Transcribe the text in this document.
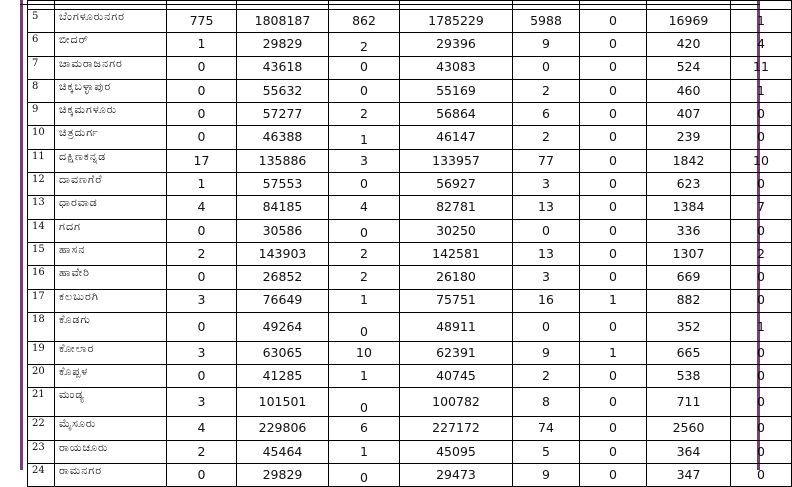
5	ಬೆಂಗಳೂರುನಗರ	775	1808187	862	1785229	5988	0	16969	1
6	ಬೀದರ್	1	29829	2	29396	9	0	420	4
7	ಚಾಮರಾಜನಗರ	0	43618	0	43083	0	0	524	11
8	ಚಿಕ್ಕಬಳ್ಳಾಪುರ	0	55632	0	55169	2	0	460	1
9	ಚಿಕ್ಕಮಗಳೂರು	0	57277	2	56864	6	0	407	0
10	ಚಿತ್ರದುರ್ಗ	0	46388	1	46147	2	0	239	0
11	ದಕ್ಷಿಣಕನ್ನಡ	17	135886	3	133957	77	0	1842	10
12	ದಾವಣಗೆರೆ	1	57553	0	56927	3	0	623	0
13	ಧಾರವಾಡ	4	84185	4	82781	13	0	1384	7
14	ಗದಗ	0	30586	0	30250	0	0	336	0
15	ಹಾಸನ	2	143903	2	142581	13	0	1307	2
16	ಹಾವೇರಿ	0	26852	2	26180	3	0	669	0
17	ಕಲಬುರಗಿ	3	76649	1	75751	16	1	882	0
18	ಕೊಡಗು	0	49264	0	48911	0	0	352	1
19	ಕೋಲಾರ	3	63065	10	62391	9	1	665	0
20	ಕೊಪ್ಪಳ	0	41285	1	40745	2	0	538	0
21	ಮಂಡ್ಯ	3	101501	0	100782	8	0	711	0
22	ಮೈಸೂರು	4	229806	6	227172	74	0	2560	0
23	ರಾಯಚೂರು	2	45464	1	45095	5	0	364	0
24	ರಾಮನಗರ	0	29829	0	29473	9	0	347	0
